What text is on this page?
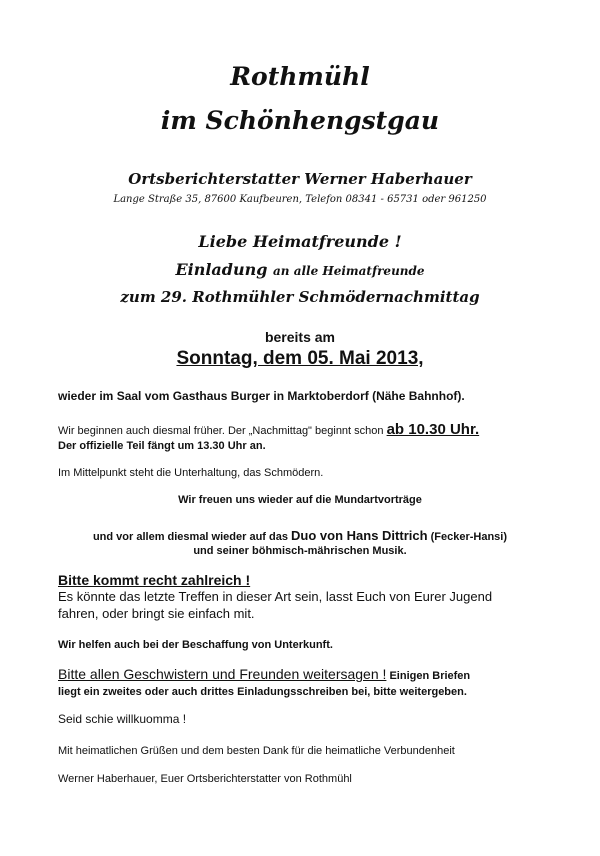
Rothmühl
im Schönhengstgau
Ortsberichterstatter Werner Haberhauer
Lange Straße 35, 87600 Kaufbeuren, Telefon 08341 - 65731 oder 961250
Liebe Heimatfreunde !
Einladung an alle Heimatfreunde
zum 29. Rothmühler Schmödernachmittag
bereits am
Sonntag, dem 05. Mai 2013,
wieder im Saal vom Gasthaus Burger in Marktoberdorf (Nähe Bahnhof).
Wir beginnen auch diesmal früher. Der „Nachmittag" beginnt schon ab 10.30 Uhr.
Der offizielle Teil fängt um 13.30 Uhr an.
Im Mittelpunkt steht die Unterhaltung, das Schmödern.
Wir freuen uns wieder auf die Mundartvorträge
und vor allem diesmal wieder auf das Duo von Hans Dittrich (Fecker-Hansi)
und seiner böhmisch-mährischen Musik.
Bitte kommt recht zahlreich !
Es könnte das letzte Treffen in dieser Art sein, lasst Euch von Eurer Jugend
fahren, oder bringt sie einfach mit.
Wir helfen auch bei der Beschaffung von Unterkunft.
Bitte allen Geschwistern und Freunden weitersagen ! Einigen Briefen
liegt ein zweites oder auch drittes Einladungsschreiben bei, bitte weitergeben.
Seid schie willkuomma !
Mit heimatlichen Grüßen und dem besten Dank für die heimatliche Verbundenheit
Werner Haberhauer, Euer Ortsberichterstatter von Rothmühl
